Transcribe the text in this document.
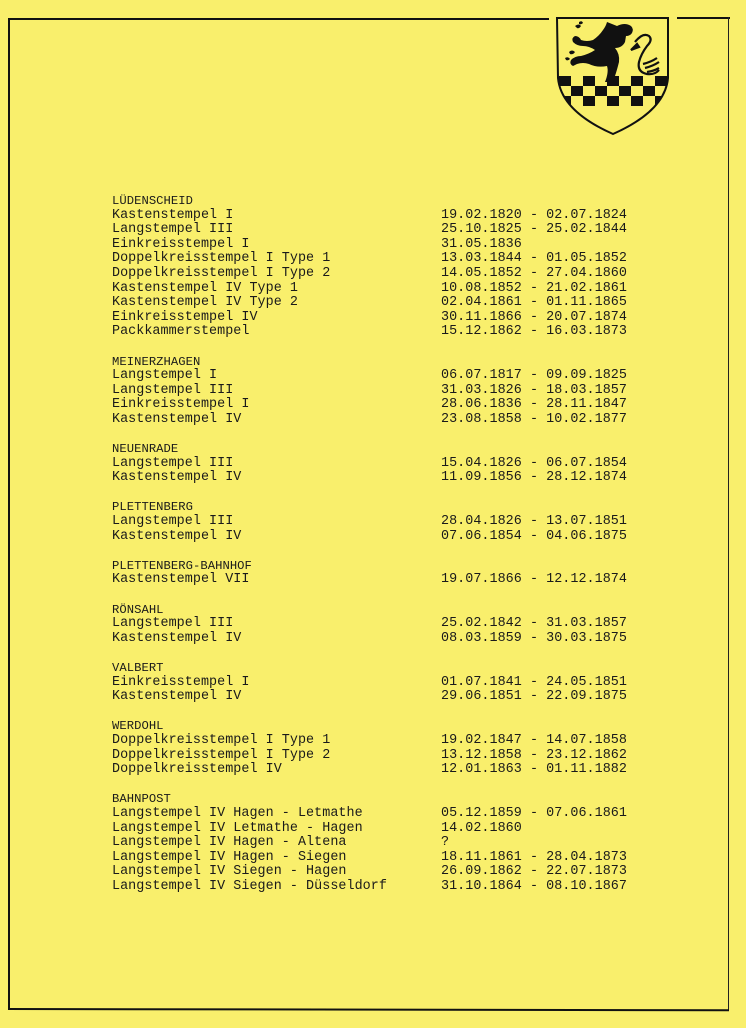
LÜDENSCHEID
Kastenstempel I	19.02.1820 - 02.07.1824
Langstempel III	25.10.1825 - 25.02.1844
Einkreisstempel I	31.05.1836
Doppelkreisstempel I Type 1	13.03.1844 - 01.05.1852
Doppelkreisstempel I Type 2	14.05.1852 - 27.04.1860
Kastenstempel IV Type 1	10.08.1852 - 21.02.1861
Kastenstempel IV Type 2	02.04.1861 - 01.11.1865
Einkreisstempel IV	30.11.1866 - 20.07.1874
Packkammerstempel	15.12.1862 - 16.03.1873
MEINERZHAGEN
Langstempel I	06.07.1817 - 09.09.1825
Langstempel III	31.03.1826 - 18.03.1857
Einkreisstempel I	28.06.1836 - 28.11.1847
Kastenstempel IV	23.08.1858 - 10.02.1877
NEUENRADE
Langstempel III	15.04.1826 - 06.07.1854
Kastenstempel IV	11.09.1856 - 28.12.1874
PLETTENBERG
Langstempel III	28.04.1826 - 13.07.1851
Kastenstempel IV	07.06.1854 - 04.06.1875
PLETTENBERG-BAHNHOF
Kastenstempel VII	19.07.1866 - 12.12.1874
RÖNSAHL
Langstempel III	25.02.1842 - 31.03.1857
Kastenstempel IV	08.03.1859 - 30.03.1875
VALBERT
Einkreisstempel I	01.07.1841 - 24.05.1851
Kastenstempel IV	29.06.1851 - 22.09.1875
WERDOHL
Doppelkreisstempel I Type 1	19.02.1847 - 14.07.1858
Doppelkreisstempel I Type 2	13.12.1858 - 23.12.1862
Doppelkreisstempel IV	12.01.1863 - 01.11.1882
BAHNPOST
Langstempel IV Hagen - Letmathe	05.12.1859 - 07.06.1861
Langstempel IV Letmathe - Hagen	14.02.1860
Langstempel IV Hagen - Altena	?
Langstempel IV Hagen - Siegen	18.11.1861 - 28.04.1873
Langstempel IV Siegen - Hagen	26.09.1862 - 22.07.1873
Langstempel IV Siegen - Düsseldorf	31.10.1864 - 08.10.1867
